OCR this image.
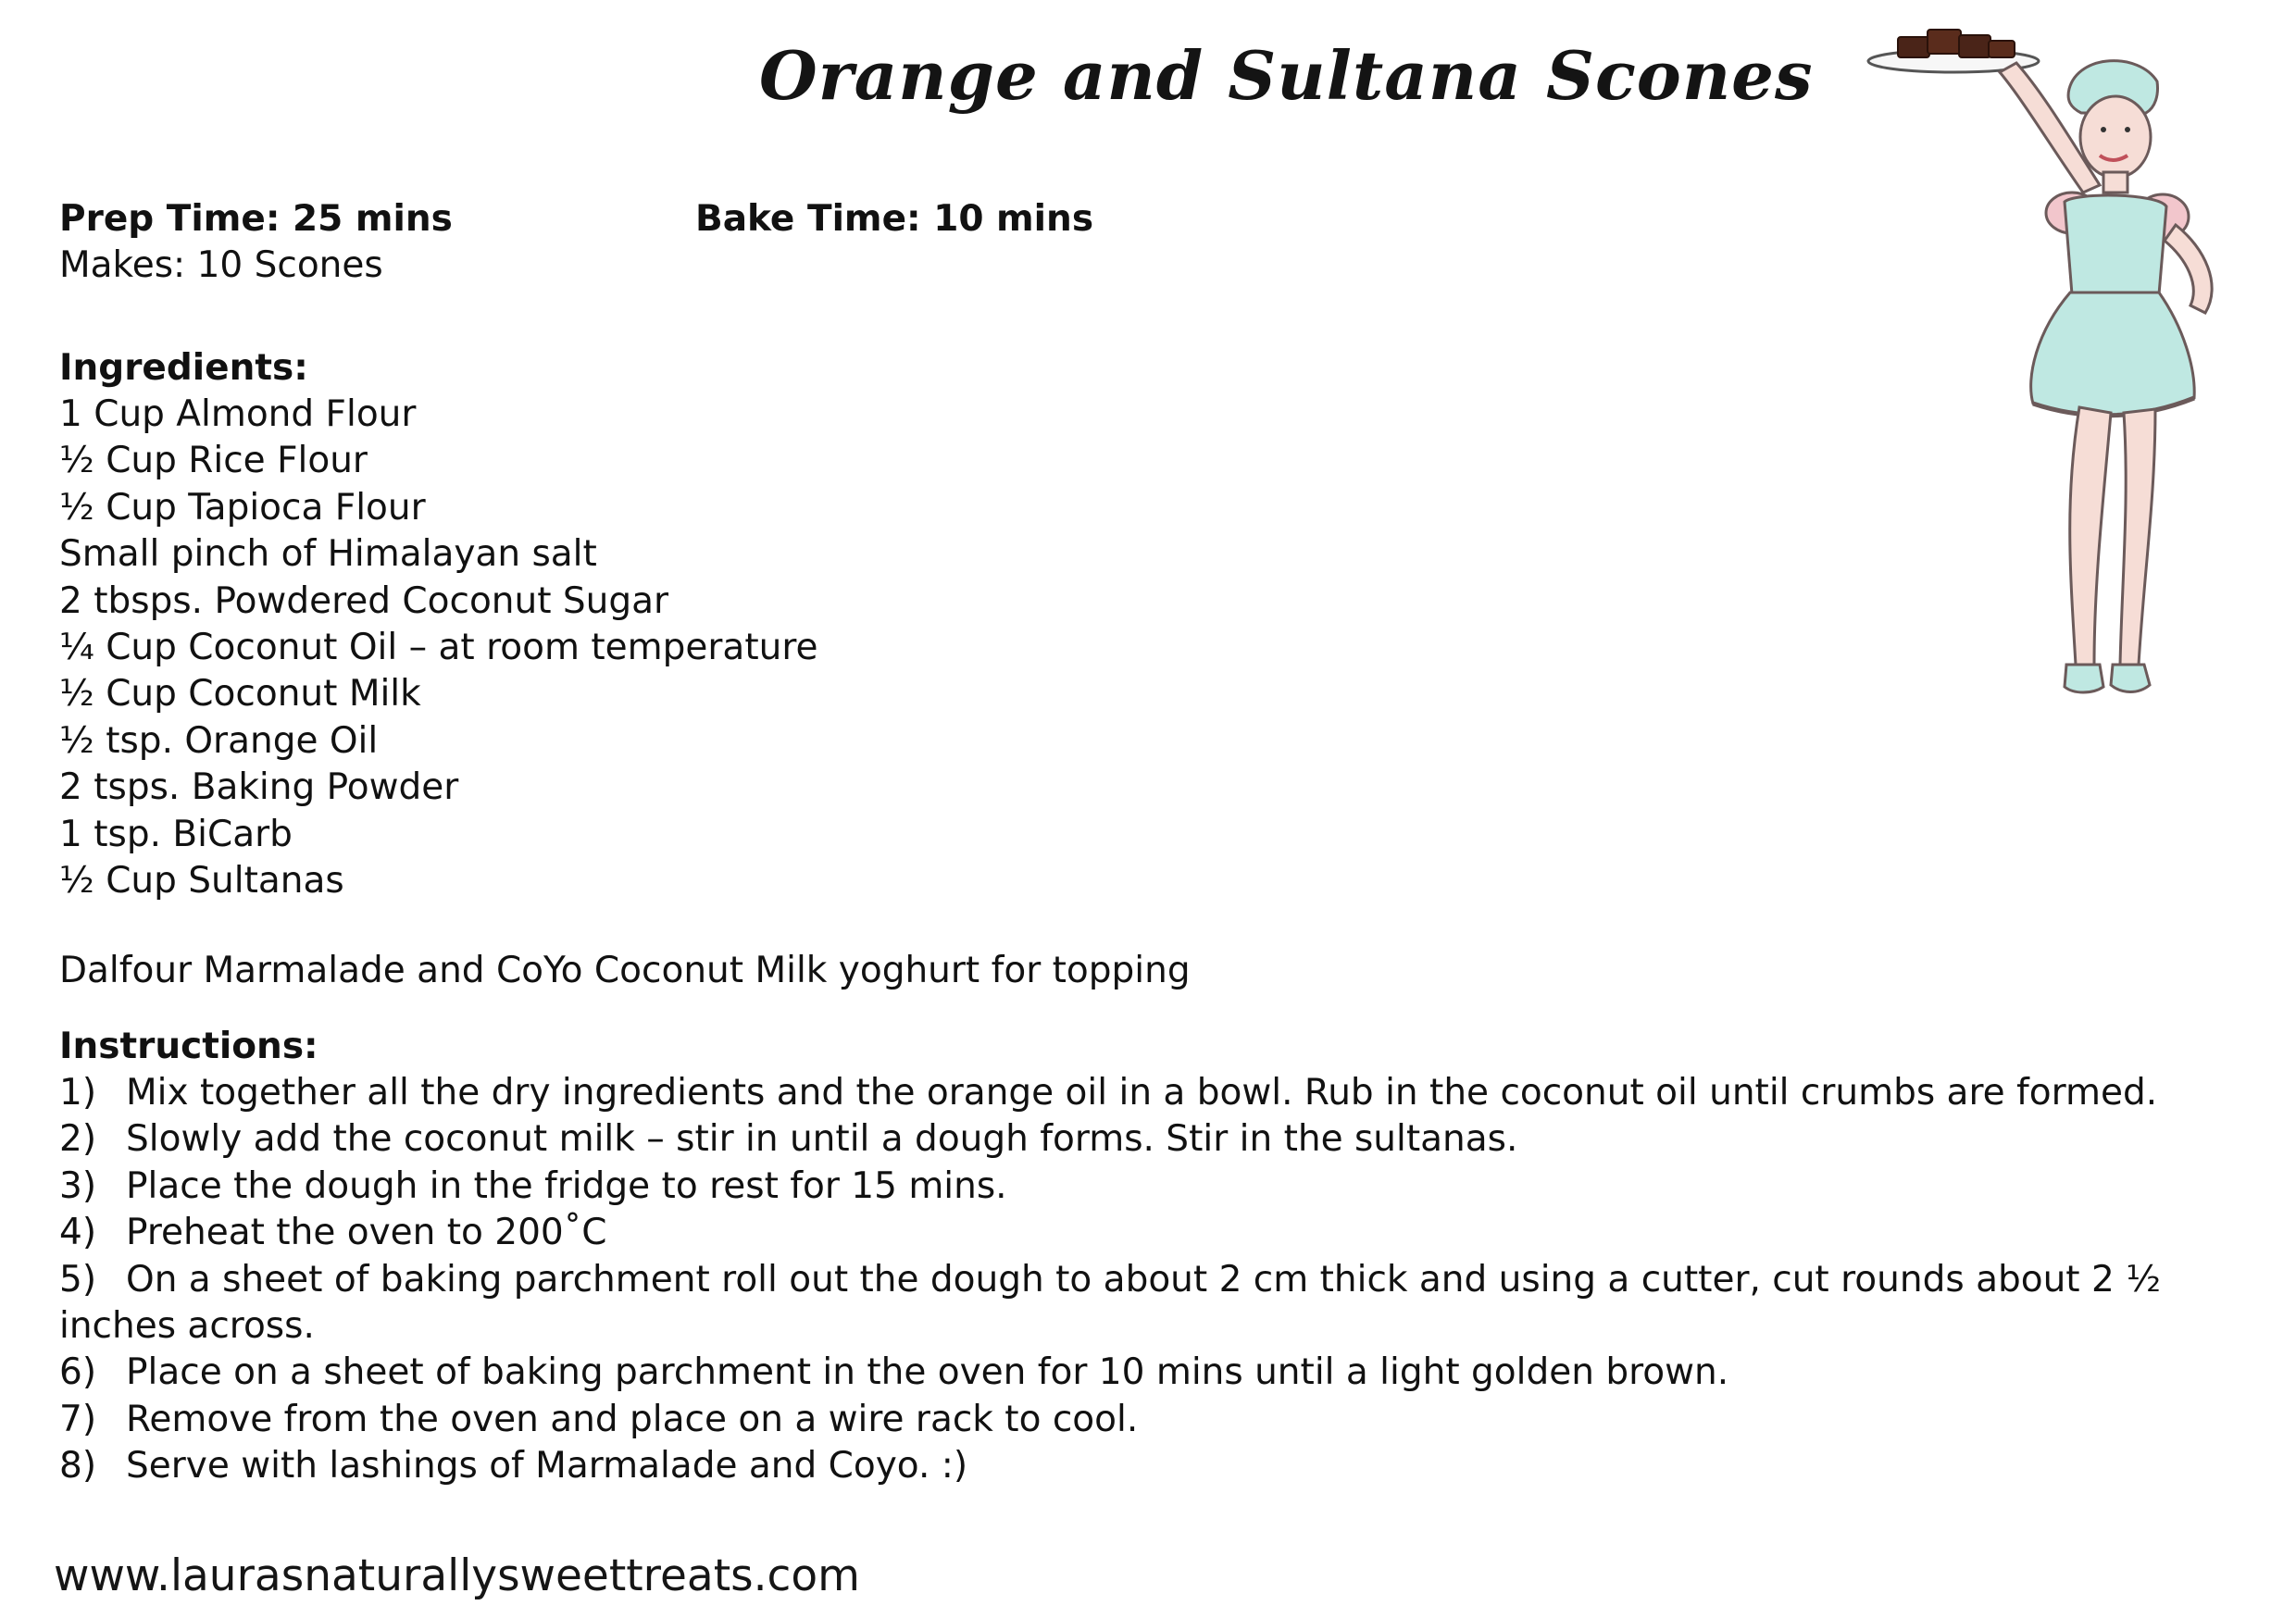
Orange and Sultana Scones
Prep Time: 25 mins	Bake Time: 10 mins
Makes: 10 Scones

Ingredients:

1 Cup Almond Flour

½ Cup Rice Flour

½ Cup Tapioca Flour

Small pinch of Himalayan salt

2 tbsps. Powdered Coconut Sugar

¼ Cup Coconut Oil – at room temperature

½ Cup Coconut Milk

½ tsp. Orange Oil

2 tsps. Baking Powder

1 tsp. BiCarb

½ Cup Sultanas

Dalfour Marmalade and CoYo Coconut Milk yoghurt for topping

Instructions:

1) Mix together all the dry ingredients and the orange oil in a bowl. Rub in the coconut oil until crumbs are formed.
2) Slowly add the coconut milk – stir in until a dough forms. Stir in the sultanas.
3) Place the dough in the fridge to rest for 15 mins.
4) Preheat the oven to 200˚C

5) On a sheet of baking parchment roll out the dough to about 2 cm thick and using a cutter, cut rounds about 2 ½ inches across.

6) Place on a sheet of baking parchment in the oven for 10 mins until a light golden brown.
7) Remove from the oven and place on a wire rack to cool.
8) Serve with lashings of Marmalade and Coyo. :)
www.laurasnaturallysweettreats.com
